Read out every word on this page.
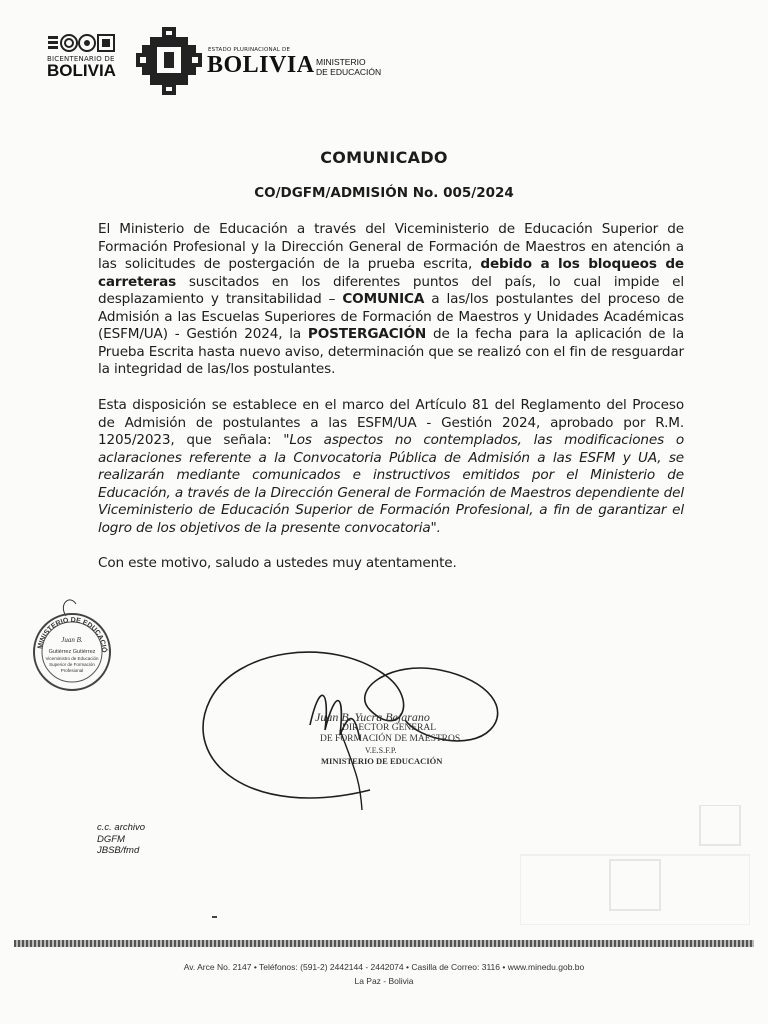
BICENTENARIO DE
BOLIVIA
ESTADO PLURINACIONAL DE
BOLIVIA MINISTERIO
DE EDUCACIÓN
COMUNICADO
CO/DGFM/ADMISIÓN No. 005/2024
El Ministerio de Educación a través del Viceministerio de Educación Superior de Formación Profesional y la Dirección General de Formación de Maestros en atención a las solicitudes de postergación de la prueba escrita, debido a los bloqueos de carreteras suscitados en los diferentes puntos del país, lo cual impide el desplazamiento y transitabilidad – COMUNICA a las/los postulantes del proceso de Admisión a las Escuelas Superiores de Formación de Maestros y Unidades Académicas (ESFM/UA) - Gestión 2024, la POSTERGACIÓN de la fecha para la aplicación de la Prueba Escrita hasta nuevo aviso, determinación que se realizó con el fin de resguardar la integridad de las/los postulantes.
Esta disposición se establece en el marco del Artículo 81 del Reglamento del Proceso de Admisión de postulantes a las ESFM/UA - Gestión 2024, aprobado por R.M. 1205/2023, que señala: "Los aspectos no contemplados, las modificaciones o aclaraciones referente a la Convocatoria Pública de Admisión a las ESFM y UA, se realizarán mediante comunicados e instructivos emitidos por el Ministerio de Educación, a través de la Dirección General de Formación de Maestros dependiente del Viceministerio de Educación Superior de Formación Profesional, a fin de garantizar el logro de los objetivos de la presente convocatoria".
Con este motivo, saludo a ustedes muy atentamente.
MINISTERIO DE EDUCACIÓ
Juan B.
Gutiérrez Gutiérrez
Viceministro de Educación
Superior de Formación
Profesional
Juan B. Yucra Bejarano
DIRECTOR GENERAL
DE FORMACIÓN DE MAESTROS
V.E.S.F.P.
MINISTERIO DE EDUCACIÓN
c.c. archivo
DGFM
JBSB/fmd
Av. Arce No. 2147 • Teléfonos: (591-2) 2442144 - 2442074 • Casilla de Correo: 3116 • www.minedu.gob.bo
La Paz - Bolivia
